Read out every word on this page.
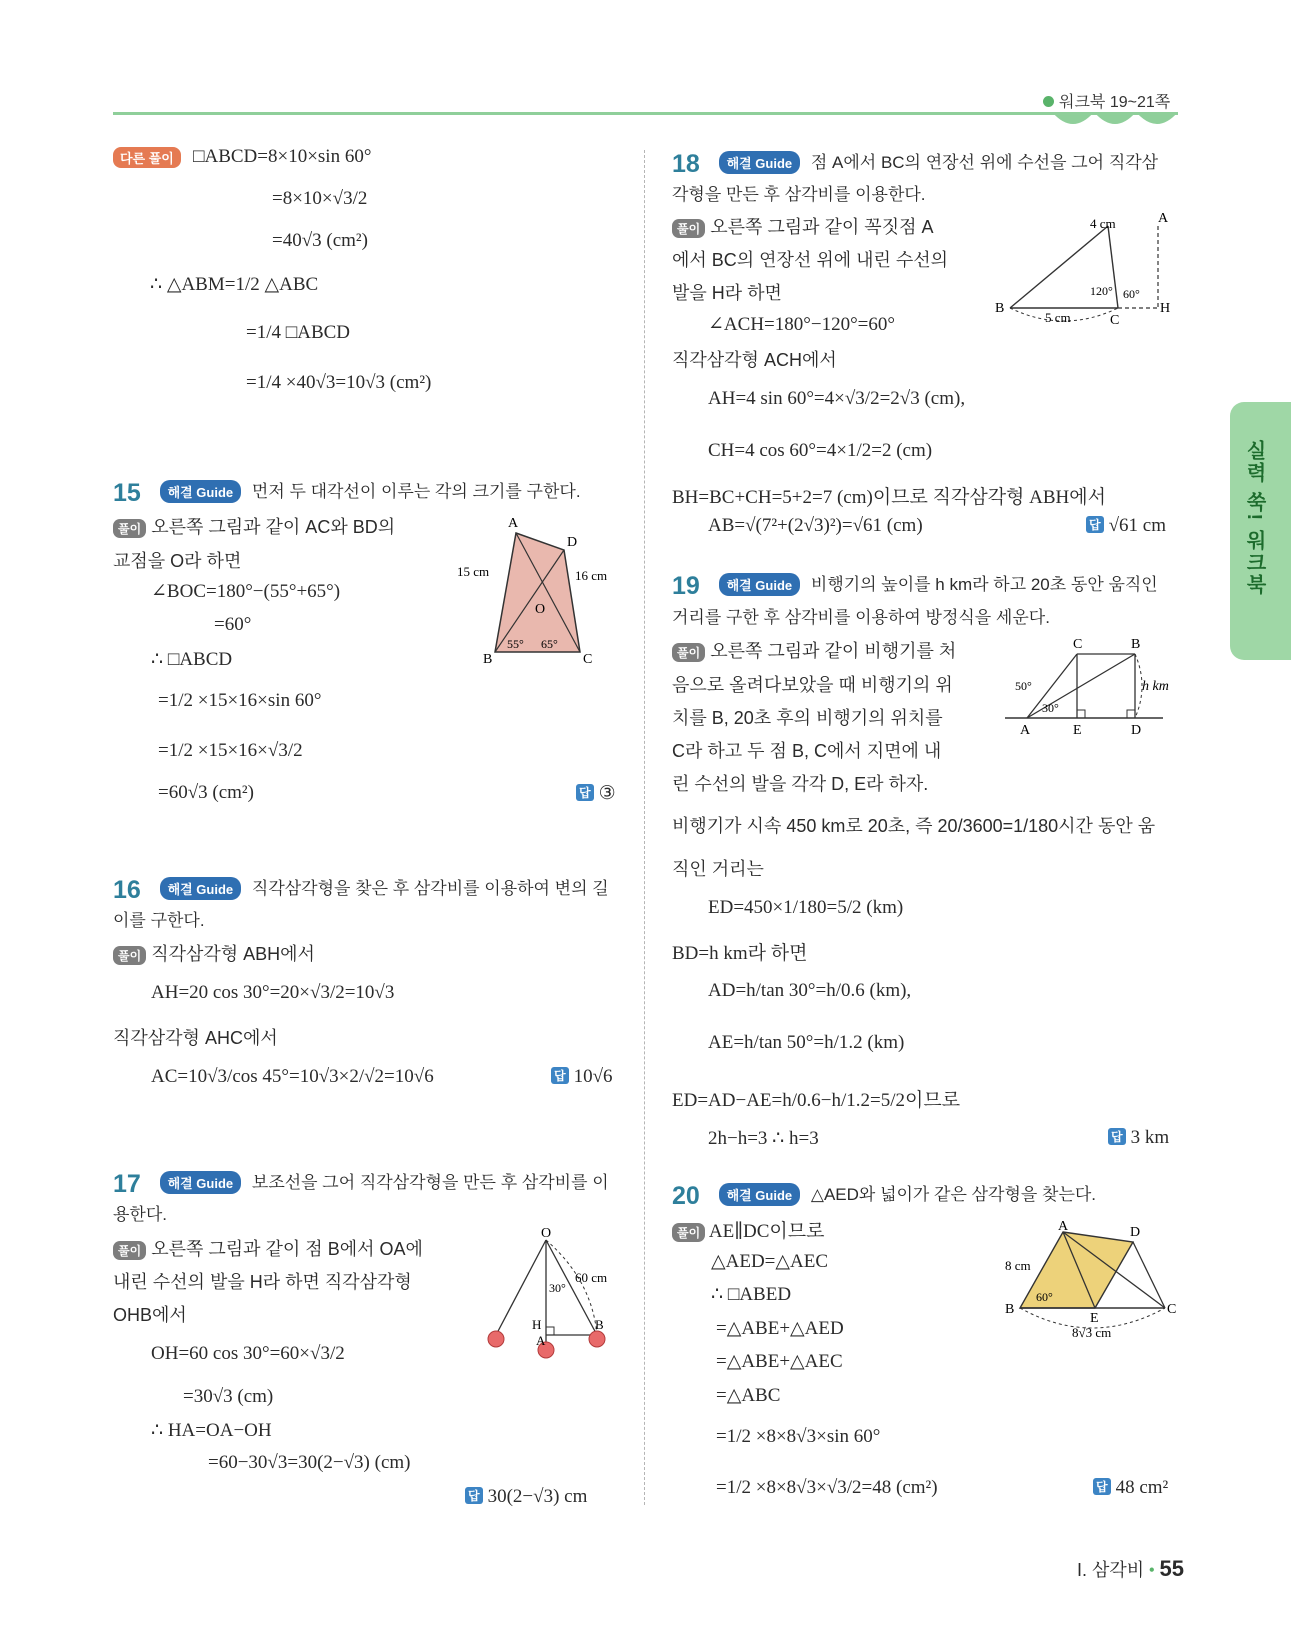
워크북 19~21쪽
실력 쑥! 워크북
다른 풀이	□ABCD=8×10×sin 60°
=8×10×√3/2
=40√3 (cm²)
∴ △ABM=1/2 △ABC
=1/4 □ABCD
=1/4 ×40√3=10√3 (cm²)
15 해결 Guide 먼저 두 대각선이 이루는 각의 크기를 구한다.
풀이 오른쪽 그림과 같이 AC와 BD의
교점을 O라 하면
∠BOC=180°−(55°+65°)
=60°
∴ □ABCD
=1/2 ×15×16×sin 60°
=1/2 ×15×16×√3/2
=60√3 (cm²)	답 ③
A
D
B	C
O
15 cm	16 cm
55° 65°
16 해결 Guide 직각삼각형을 찾은 후 삼각비를 이용하여 변의 길
이를 구한다.
풀이 직각삼각형 ABH에서
AH=20 cos 30°=20×√3/2=10√3
직각삼각형 AHC에서
AC=10√3/cos 45°=10√3×2/√2=10√6	답 10√6
17 해결 Guide 보조선을 그어 직각삼각형을 만든 후 삼각비를 이
용한다.
풀이 오른쪽 그림과 같이 점 B에서 OA에
내린 수선의 발을 H라 하면 직각삼각형
OHB에서
OH=60 cos 30°=60×√3/2
=30√3 (cm)
∴ HA=OA−OH
=60−30√3=30(2−√3) (cm)
답 30(2−√3) cm
O
H
A
B
60 cm
30°
18 해결 Guide 점 A에서 BC의 연장선 위에 수선을 그어 직각삼
각형을 만든 후 삼각비를 이용한다.
풀이 오른쪽 그림과 같이 꼭짓점 A
에서 BC의 연장선 위에 내린 수선의
발을 H라 하면
∠ACH=180°−120°=60°
직각삼각형 ACH에서
AH=4 sin 60°=4×√3/2=2√3 (cm),
CH=4 cos 60°=4×1/2=2 (cm)
BH=BC+CH=5+2=7 (cm)이므로 직각삼각형 ABH에서
AB=√(7²+(2√3)²)=√61 (cm)	답 √61 cm
A
B
C
H
4 cm
5 cm
120° 60°
19 해결 Guide 비행기의 높이를 h km라 하고 20초 동안 움직인
거리를 구한 후 삼각비를 이용하여 방정식을 세운다.
풀이 오른쪽 그림과 같이 비행기를 처
음으로 올려다보았을 때 비행기의 위
치를 B, 20초 후의 비행기의 위치를
C라 하고 두 점 B, C에서 지면에 내
린 수선의 발을 각각 D, E라 하자.
비행기가 시속 450 km로 20초, 즉 20/3600=1/180시간 동안 움
직인 거리는
ED=450×1/180=5/2 (km)
BD=h km라 하면
AD=h/tan 30°=h/0.6 (km),
AE=h/tan 50°=h/1.2 (km)
ED=AD−AE=h/0.6−h/1.2=5/2이므로
2h−h=3 ∴ h=3	답 3 km
C	B
A	E	D
h km
50°
30°
20 해결 Guide △AED와 넓이가 같은 삼각형을 찾는다.
풀이 AE∥DC이므로
△AED=△AEC
∴ □ABED
=△ABE+△AED
=△ABE+△AEC
=△ABC
=1/2 ×8×8√3×sin 60°
=1/2 ×8×8√3×√3/2=48 (cm²)	답 48 cm²
A	D
B	C
E
8 cm
8√3 cm
60°
I. 삼각비 • 55
